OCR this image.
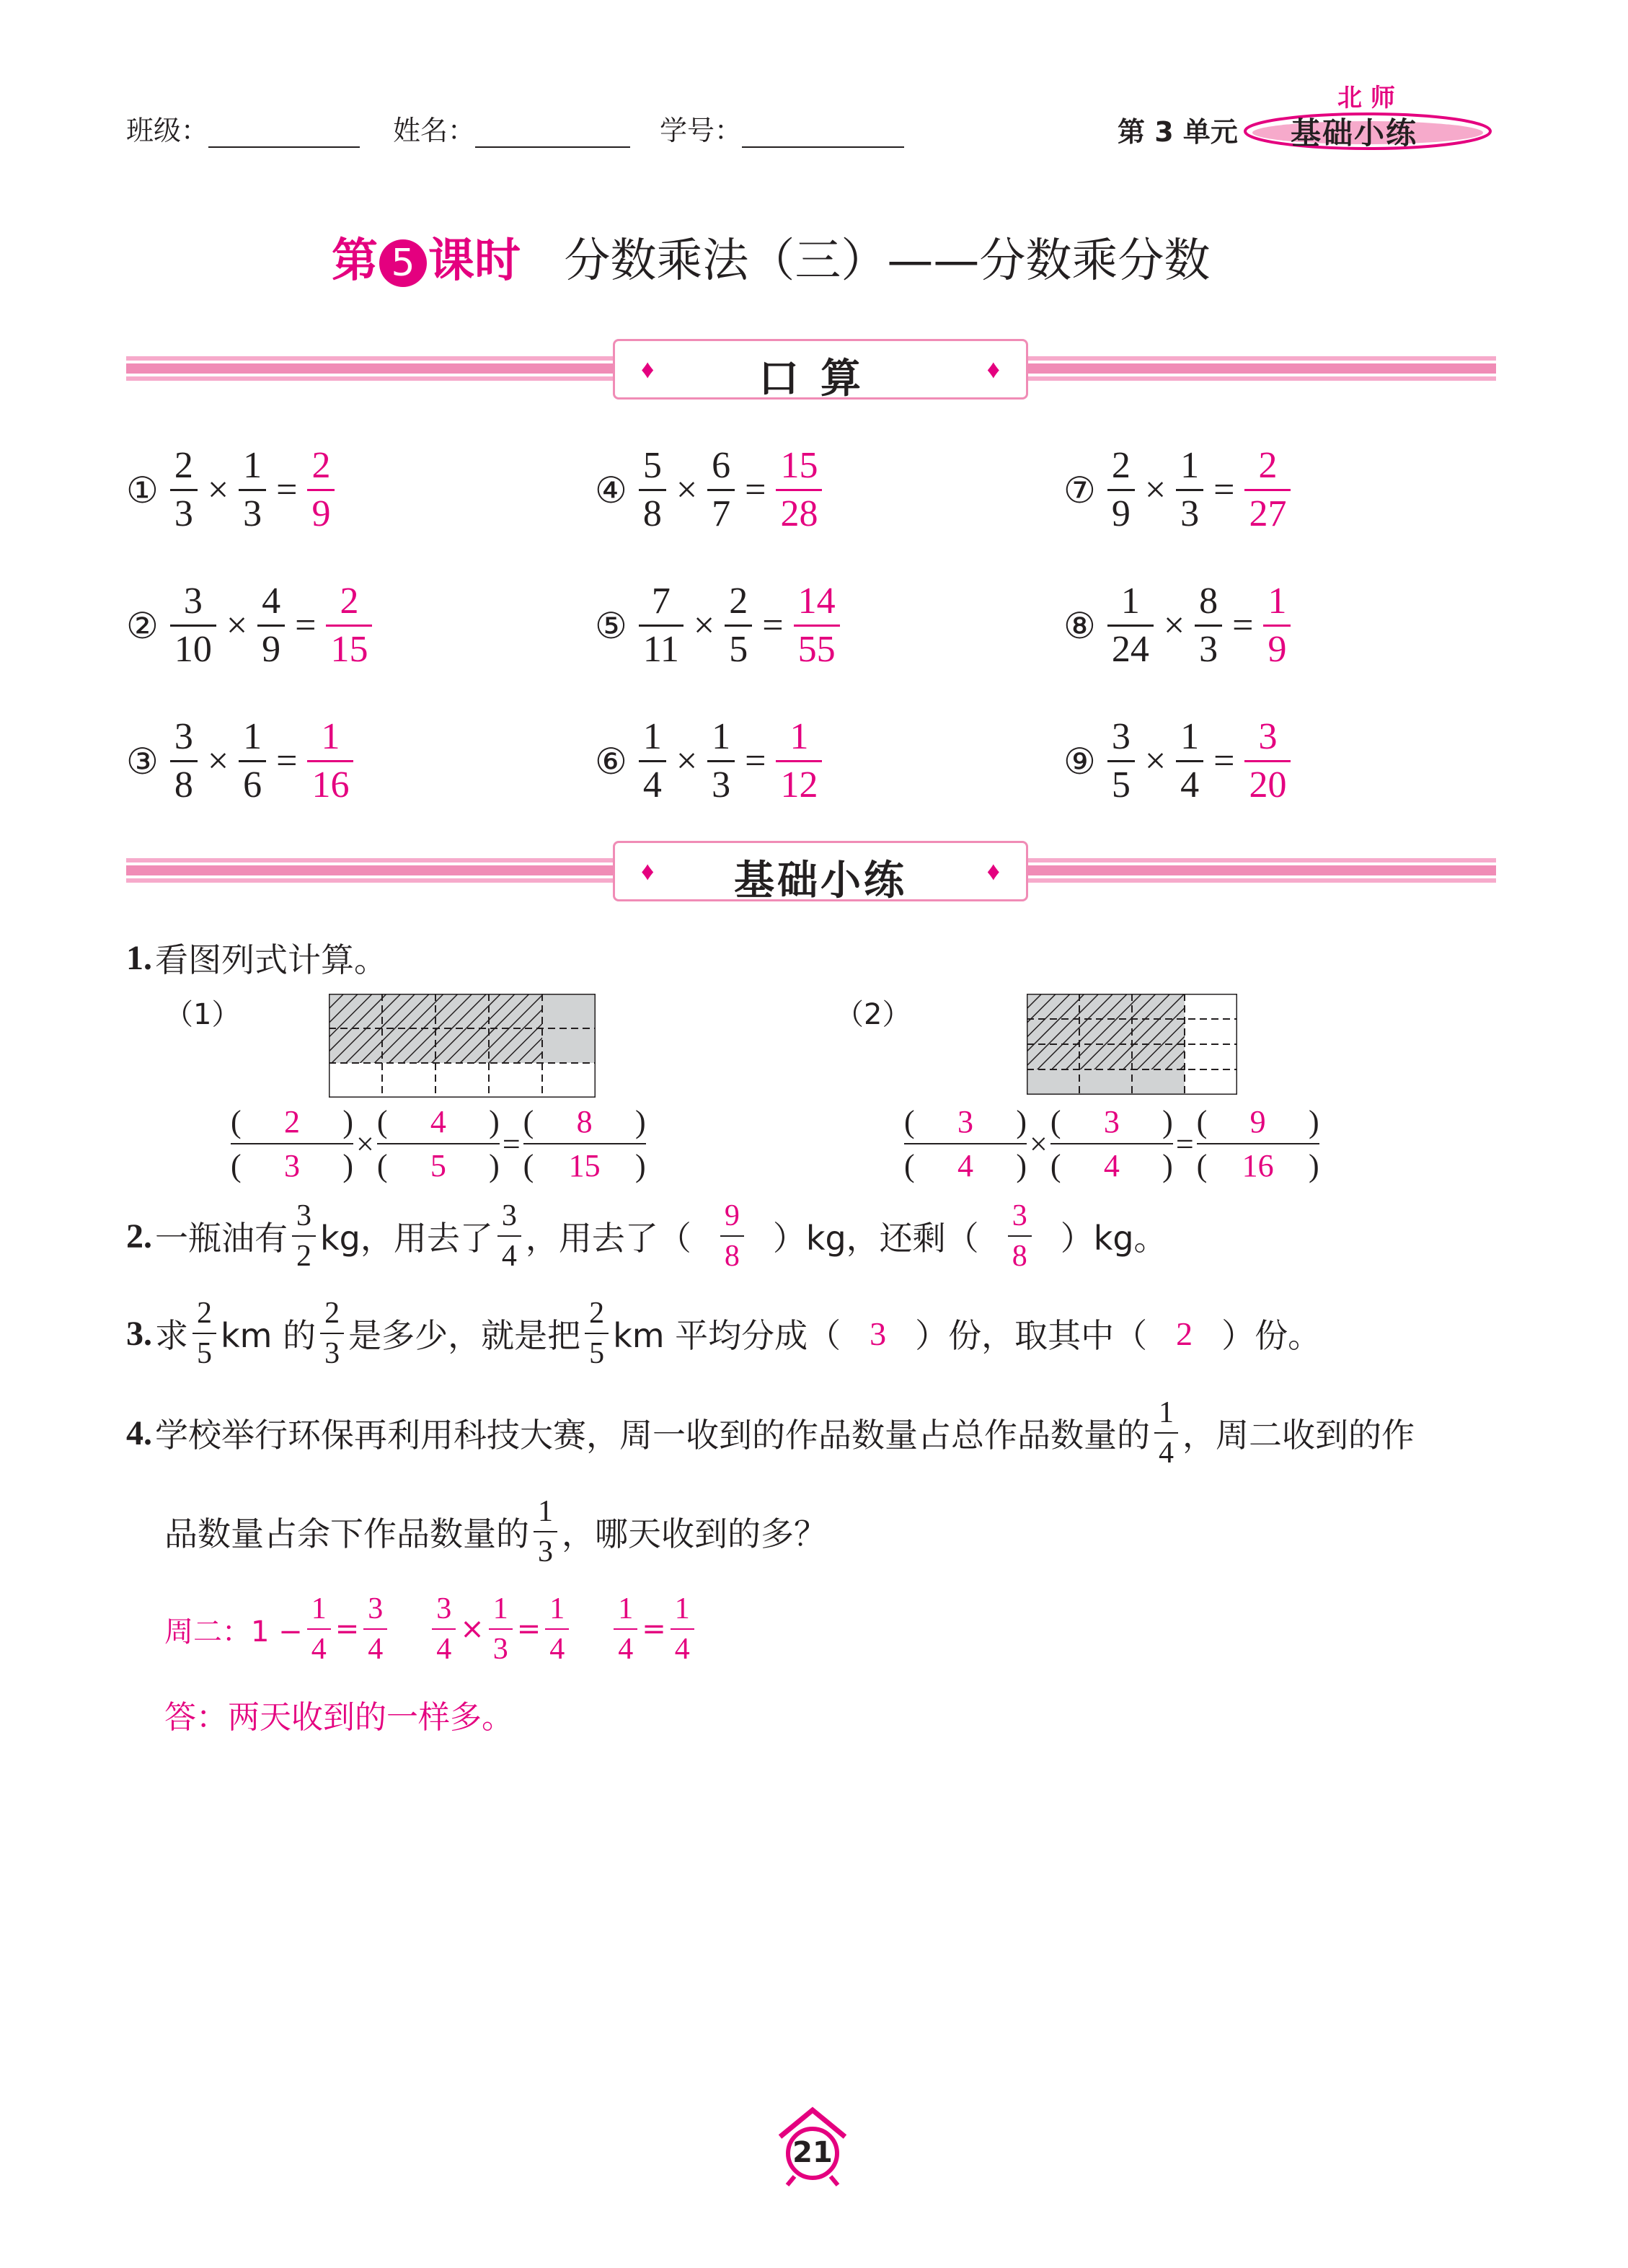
班级：	姓名：	学号：	第 3 单元
北 师
基础小练
第 5 课时 分数乘法（三）——分数乘分数
♦	口算	♦
① $\frac{2}{3} \times \frac{1}{3} = \frac{2}{9}$
② $\frac{3}{10} \times \frac{4}{9} = \frac{2}{15}$
③ $\frac{3}{8} \times \frac{1}{6} = \frac{1}{16}$
④ $\frac{5}{8} \times \frac{6}{7} = \frac{15}{28}$
⑤ $\frac{7}{11} \times \frac{2}{5} = \frac{14}{55}$
⑥ $\frac{1}{4} \times \frac{1}{3} = \frac{1}{12}$
⑦ $\frac{2}{9} \times \frac{1}{3} = \frac{2}{27}$
⑧ $\frac{1}{24} \times \frac{8}{3} = \frac{1}{9}$
⑨ $\frac{3}{5} \times \frac{1}{4} = \frac{3}{20}$
♦	基础小练	♦
1. 看图列式计算。
（1）	（2）
$\frac{( 2 )}{( 3 )} \times \frac{( 4 )}{( 5 )} = \frac{( 8 )}{( 15 )}$	$\frac{( 3 )}{( 4 )} \times \frac{( 3 )}{( 4 )} = \frac{( 9 )}{( 16 )}$
2. 一瓶油有 $\frac{3}{2}$ kg，用去了 $\frac{3}{4}$ ，用去了（ $\frac{9}{8} )kg$，还剩（ $\frac{3}{8} )kg$。
3. 求 $\frac{2}{5}$ km 的 $\frac{2}{3}$ 是多少，就是把 $\frac{2}{5}$ km 平均分成（ 3 ）份，取其中（ 2 ）份。
4. 学校举行环保再利用科技大赛，周一收到的作品数量占总作品数量的 $\frac{1}{4}$ ，周二收到的作
品数量占余下作品数量的 $\frac{1}{3}$ ，哪天收到的多？
周二：$1 - \frac{1}{4} = \frac{3}{4} \frac{3}{4} \times \frac{1}{3} = \frac{1}{4} \frac{1}{4} = \frac{1}{4}$
答：两天收到的一样多。
21
